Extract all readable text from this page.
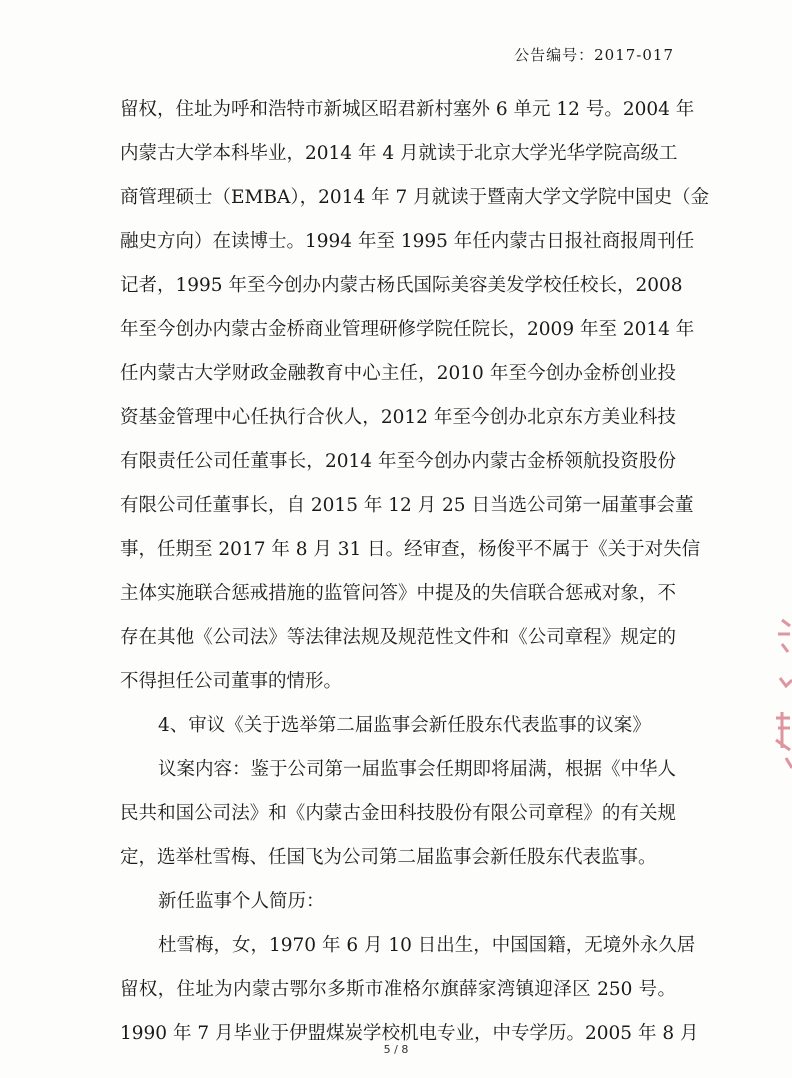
公告编号：2017-017
留权，住址为呼和浩特市新城区昭君新村塞外 6 单元 12 号。2004 年
内蒙古大学本科毕业，2014 年 4 月就读于北京大学光华学院高级工
商管理硕士（EMBA），2014 年 7 月就读于暨南大学文学院中国史（金
融史方向）在读博士。1994 年至 1995 年任内蒙古日报社商报周刊任
记者，1995 年至今创办内蒙古杨氏国际美容美发学校任校长，2008
年至今创办内蒙古金桥商业管理研修学院任院长，2009 年至 2014 年
任内蒙古大学财政金融教育中心主任，2010 年至今创办金桥创业投
资基金管理中心任执行合伙人，2012 年至今创办北京东方美业科技
有限责任公司任董事长，2014 年至今创办内蒙古金桥领航投资股份
有限公司任董事长，自 2015 年 12 月 25 日当选公司第一届董事会董
事，任期至 2017 年 8 月 31 日。经审查，杨俊平不属于《关于对失信
主体实施联合惩戒措施的监管问答》中提及的失信联合惩戒对象，不
存在其他《公司法》等法律法规及规范性文件和《公司章程》规定的
不得担任公司董事的情形。
4、审议《关于选举第二届监事会新任股东代表监事的议案》
议案内容：鉴于公司第一届监事会任期即将届满，根据《中华人
民共和国公司法》和《内蒙古金田科技股份有限公司章程》的有关规
定，选举杜雪梅、任国飞为公司第二届监事会新任股东代表监事。
新任监事个人简历：
杜雪梅，女，1970 年 6 月 10 日出生，中国国籍，无境外永久居
留权，住址为内蒙古鄂尔多斯市准格尔旗薛家湾镇迎泽区 250 号。
1990 年 7 月毕业于伊盟煤炭学校机电专业，中专学历。2005 年 8 月
5 / 8
